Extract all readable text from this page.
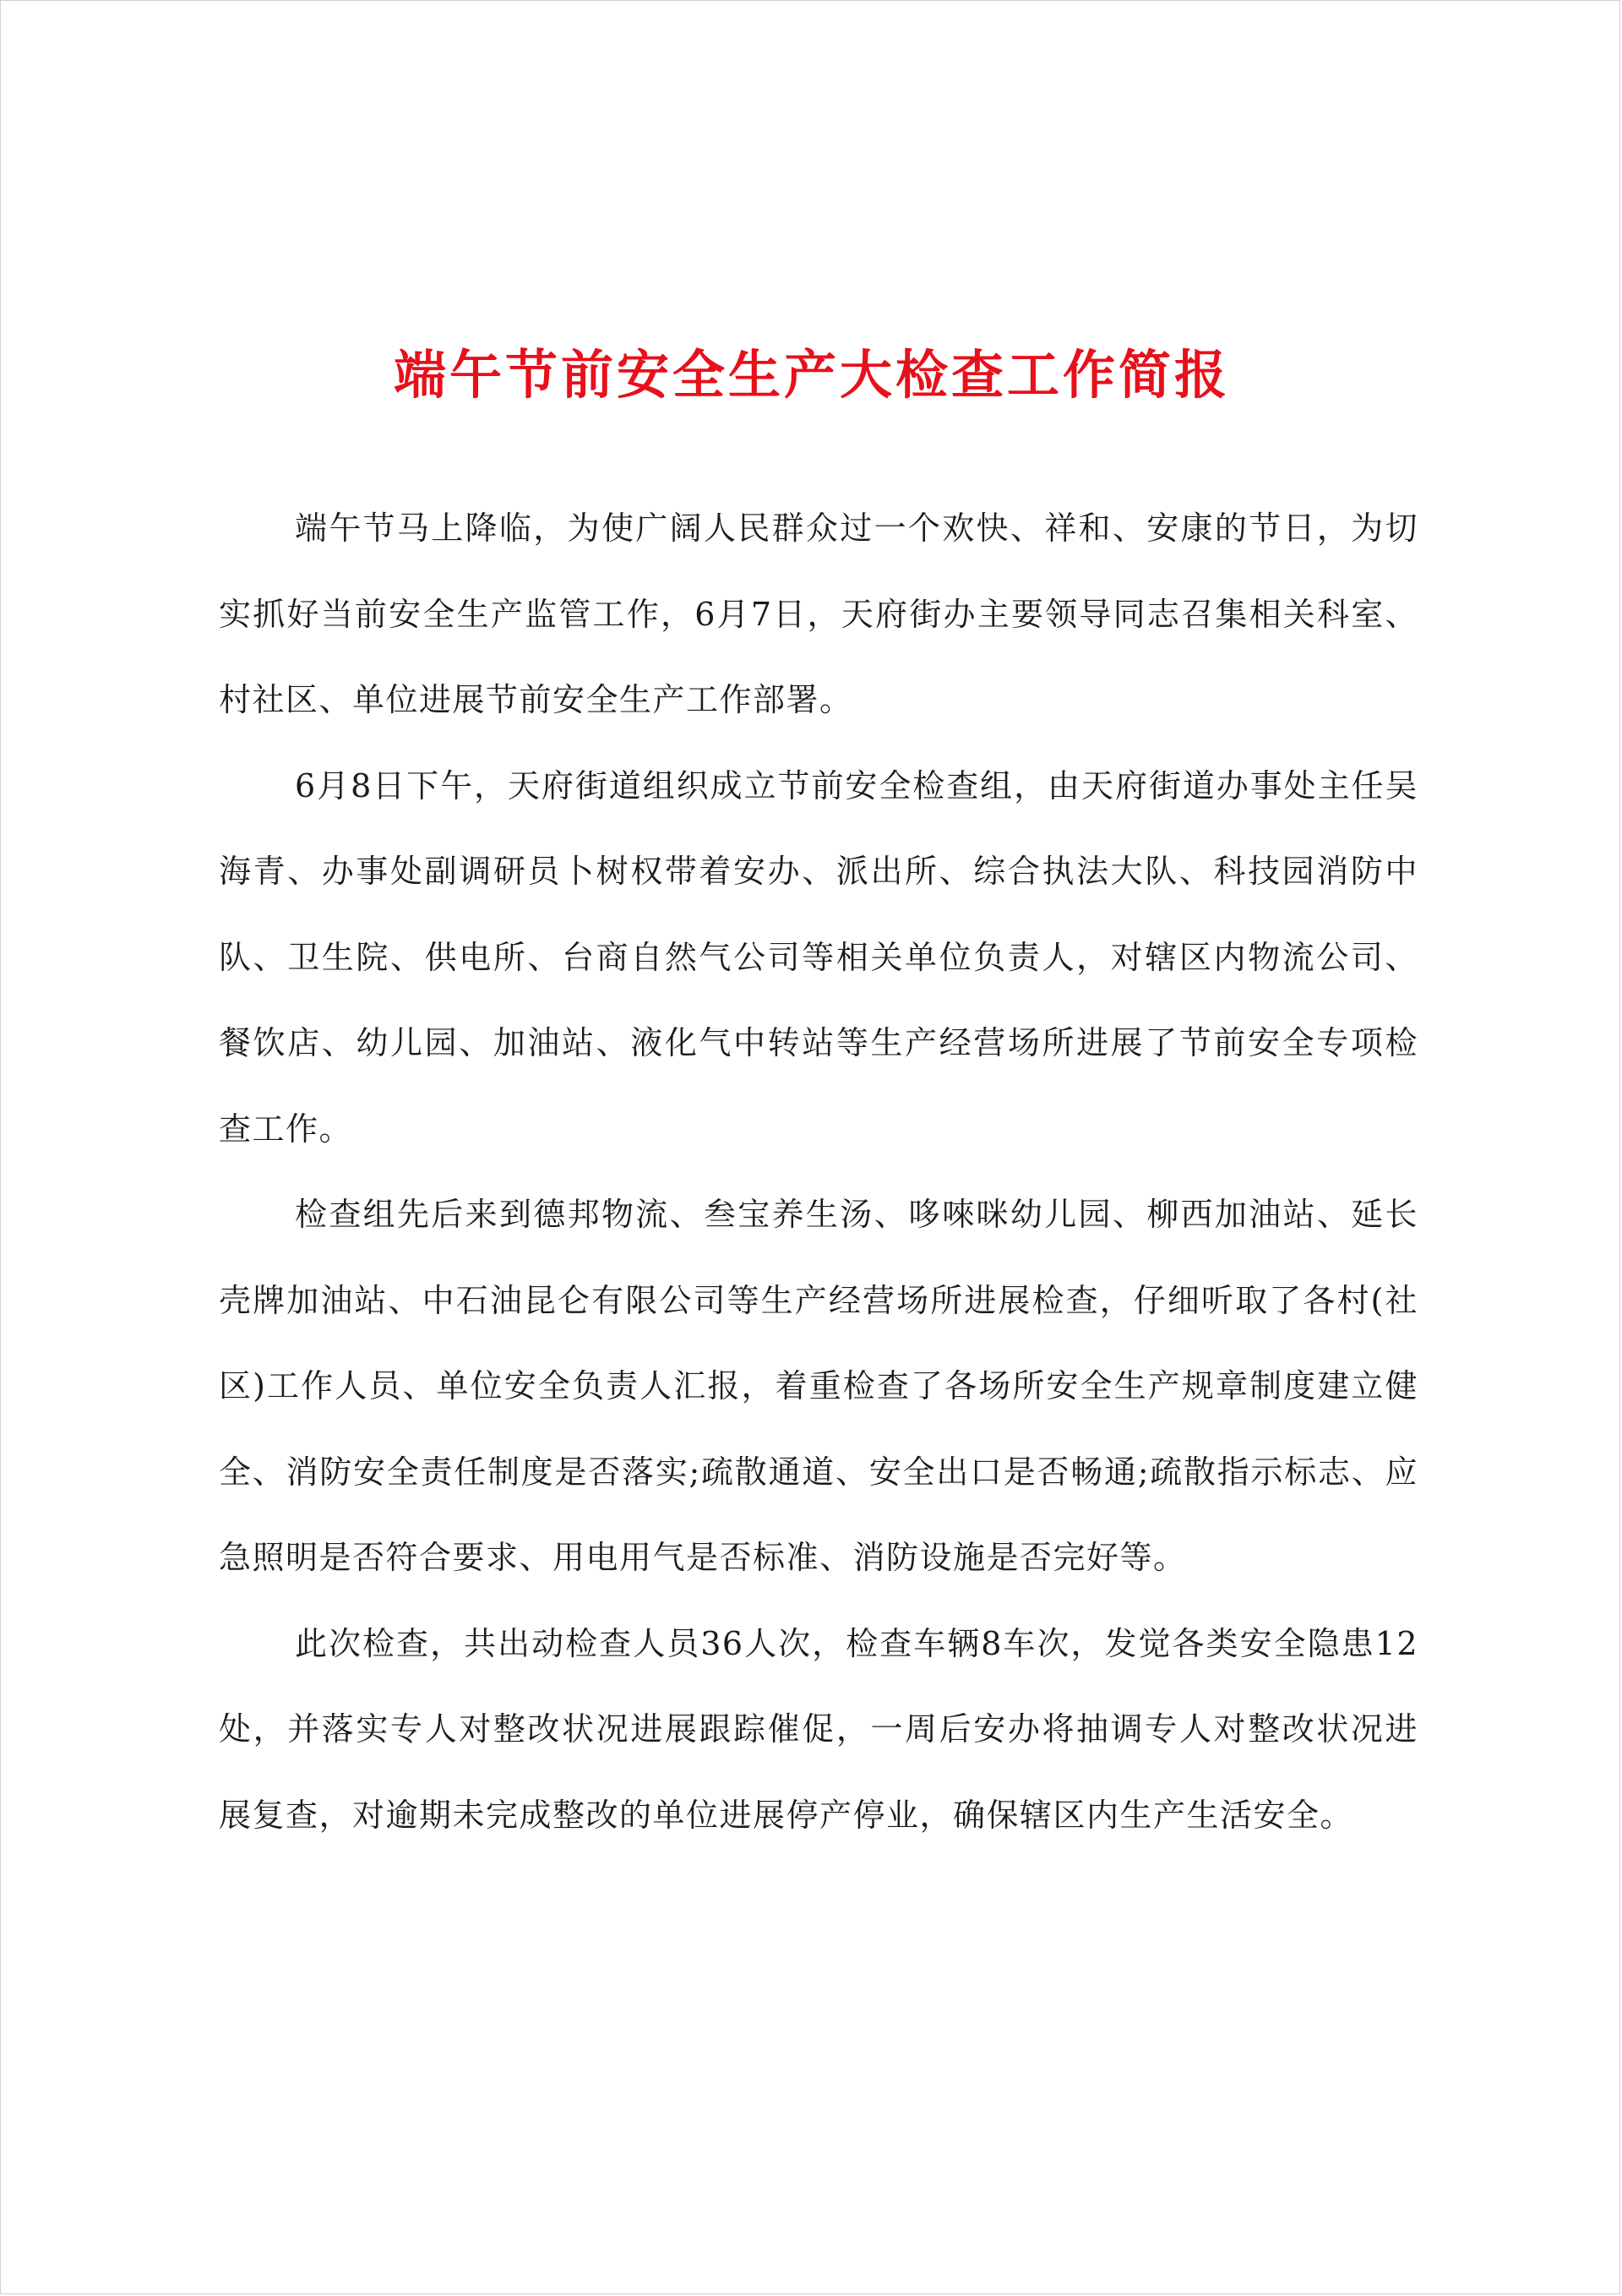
端午节前安全生产大检查工作简报

端午节马上降临，为使广阔人民群众过一个欢快、祥和、安康的节日，为切实抓好当前安全生产监管工作，6月7日，天府街办主要领导同志召集相关科室、村社区、单位进展节前安全生产工作部署。

6月8日下午，天府街道组织成立节前安全检查组，由天府街道办事处主任吴海青、办事处副调研员卜树权带着安办、派出所、综合执法大队、科技园消防中队、卫生院、供电所、台商自然气公司等相关单位负责人，对辖区内物流公司、餐饮店、幼儿园、加油站、液化气中转站等生产经营场所进展了节前安全专项检查工作。

检查组先后来到德邦物流、叁宝养生汤、哆唻咪幼儿园、柳西加油站、延长壳牌加油站、中石油昆仑有限公司等生产经营场所进展检查，仔细听取了各村(社区)工作人员、单位安全负责人汇报，着重检查了各场所安全生产规章制度建立健全、消防安全责任制度是否落实;疏散通道、安全出口是否畅通;疏散指示标志、应急照明是否符合要求、用电用气是否标准、消防设施是否完好等。

此次检查，共出动检查人员36人次，检查车辆8车次，发觉各类安全隐患12处，并落实专人对整改状况进展跟踪催促，一周后安办将抽调专人对整改状况进展复查，对逾期未完成整改的单位进展停产停业，确保辖区内生产生活安全。
